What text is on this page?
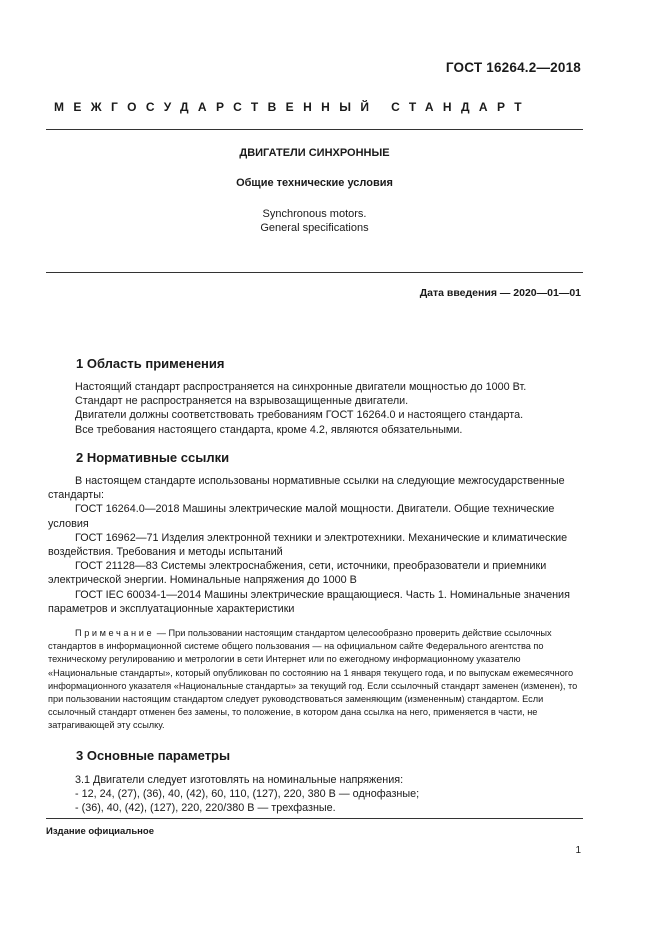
ГОСТ 16264.2—2018
МЕЖГОСУДАРСТВЕННЫЙ СТАНДАРТ
ДВИГАТЕЛИ СИНХРОННЫЕ
Общие технические условия
Synchronous motors.
General specifications
Дата введения — 2020—01—01
1 Область применения

Настоящий стандарт распространяется на синхронные двигатели мощностью до 1000 Вт.

Стандарт не распространяется на взрывозащищенные двигатели.

Двигатели должны соответствовать требованиям ГОСТ 16264.0 и настоящего стандарта.

Все требования настоящего стандарта, кроме 4.2, являются обязательными.

2 Нормативные ссылки

В настоящем стандарте использованы нормативные ссылки на следующие межгосударственные стандарты:

ГОСТ 16264.0—2018 Машины электрические малой мощности. Двигатели. Общие технические условия

ГОСТ 16962—71 Изделия электронной техники и электротехники. Механические и климатические воздействия. Требования и методы испытаний

ГОСТ 21128—83 Системы электроснабжения, сети, источники, преобразователи и приемники электрической энергии. Номинальные напряжения до 1000 В

ГОСТ IEC 60034-1—2014 Машины электрические вращающиеся. Часть 1. Номинальные значения параметров и эксплуатационные характеристики

Примечание — При пользовании настоящим стандартом целесообразно проверить действие ссылочных стандартов в информационной системе общего пользования — на официальном сайте Федерального агентства по техническому регулированию и метрологии в сети Интернет или по ежегодному информационному указателю «Национальные стандарты», который опубликован по состоянию на 1 января текущего года, и по выпускам ежемесячного информационного указателя «Национальные стандарты» за текущий год. Если ссылочный стандарт заменен (изменен), то при пользовании настоящим стандартом следует руководствоваться заменяющим (измененным) стандартом. Если ссылочный стандарт отменен без замены, то положение, в котором дана ссылка на него, применяется в части, не затрагивающей эту ссылку.
3 Основные параметры

3.1 Двигатели следует изготовлять на номинальные напряжения:

- 12, 24, (27), (36), 40, (42), 60, 110, (127), 220, 380 В — однофазные;

- (36), 40, (42), (127), 220, 220/380 В — трехфазные.

Издание официальное
1
